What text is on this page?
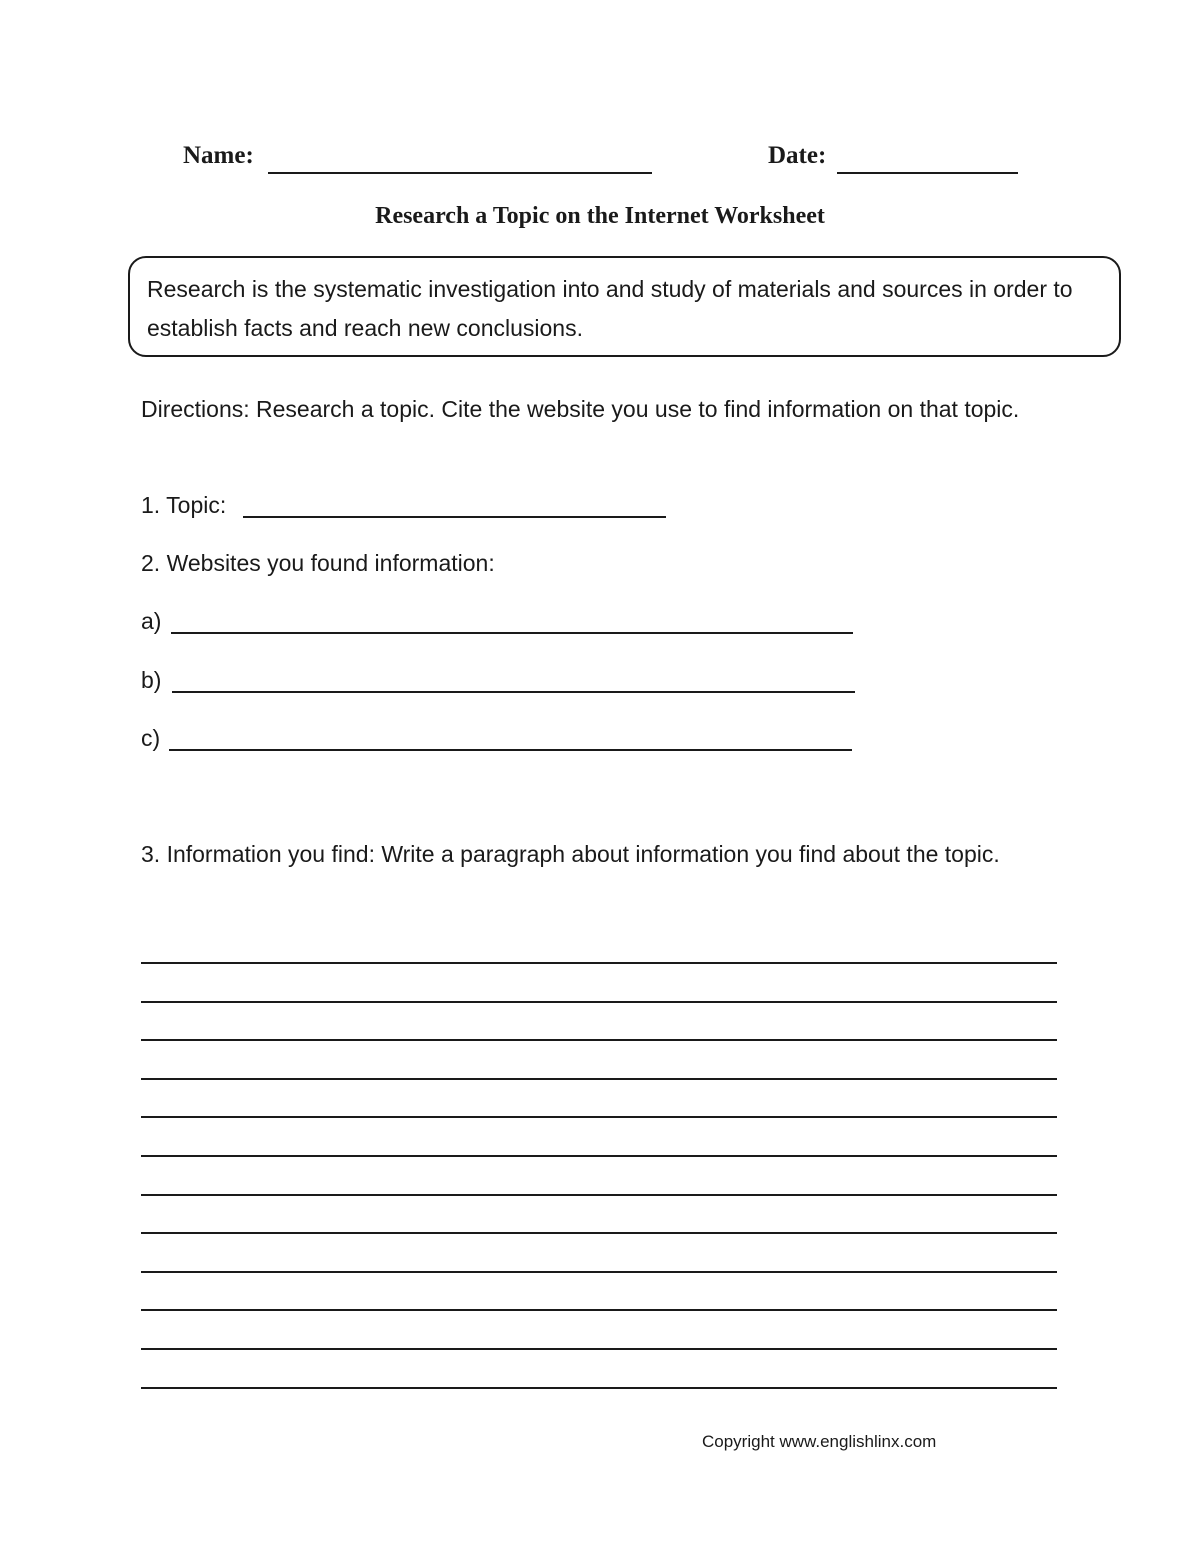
Name:	Date:
Research a Topic on the Internet Worksheet
Research is the systematic investigation into and study of materials and sources in order to establish facts and reach new conclusions.
Directions: Research a topic. Cite the website you use to find information on that topic.
1. Topic:
2. Websites you found information:
a)
b)
c)
3. Information you find: Write a paragraph about information you find about the topic.
Copyright www.englishlinx.com
